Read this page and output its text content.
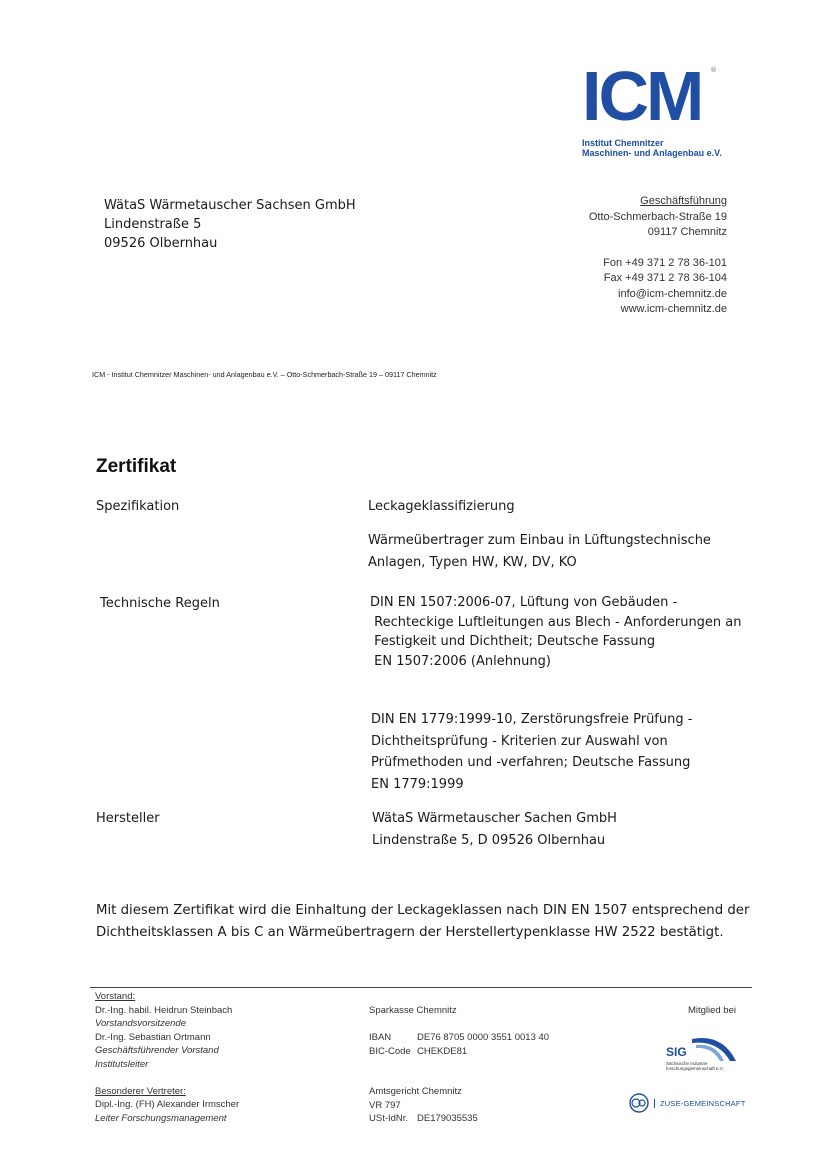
ICM	®
Institut Chemnitzer
Maschinen- und Anlagenbau e.V.
WätaS Wärmetauscher Sachsen GmbH
Lindenstraße 5
09526 Olbernhau
Geschäftsführung
Otto-Schmerbach-Straße 19
09117 Chemnitz
Fon +49 371 2 78 36-101
Fax +49 371 2 78 36-104
info@icm-chemnitz.de
www.icm-chemnitz.de
ICM - Institut Chemnitzer Maschinen- und Anlagenbau e.V. – Otto-Schmerbach-Straße 19 – 09117 Chemnitz
Zertifikat
Spezifikation	Leckageklassifizierung
Wärmeübertrager zum Einbau in Lüftungstechnische
Anlagen, Typen HW, KW, DV, KO
Technische Regeln	DIN EN 1507:2006-07, Lüftung von Gebäuden -
Rechteckige Luftleitungen aus Blech - Anforderungen an
Festigkeit und Dichtheit; Deutsche Fassung
EN 1507:2006 (Anlehnung)
DIN EN 1779:1999-10, Zerstörungsfreie Prüfung -
Dichtheitsprüfung - Kriterien zur Auswahl von
Prüfmethoden und -verfahren; Deutsche Fassung
EN 1779:1999
Hersteller	WätaS Wärmetauscher Sachen GmbH
Lindenstraße 5, D 09526 Olbernhau
Mit diesem Zertifikat wird die Einhaltung der Leckageklassen nach DIN EN 1507 entsprechend der
Dichtheitsklassen A bis C an Wärmeübertragern der Herstellertypenklasse HW 2522 bestätigt.
Vorstand:
Dr.-Ing. habil. Heidrun Steinbach
Vorstandsvorsitzende
Dr.-Ing. Sebastian Ortmann
Geschäftsführender Vorstand
Institutsleiter
Besonderer Vertreter:
Dipl.-Ing. (FH) Alexander Irmscher
Leiter Forschungsmanagement
Sparkasse Chemnitz
IBAN	DE76 8705 0000 3551 0013 40
BIC-Code CHEKDE81
Amtsgericht Chemnitz
VR 797
USt-IdNr. DE179035535
Mitglied bei
SIG
Sächsische Industrie forschungsgemeinschaft e.V.
ZUSE-GEMEINSCHAFT
